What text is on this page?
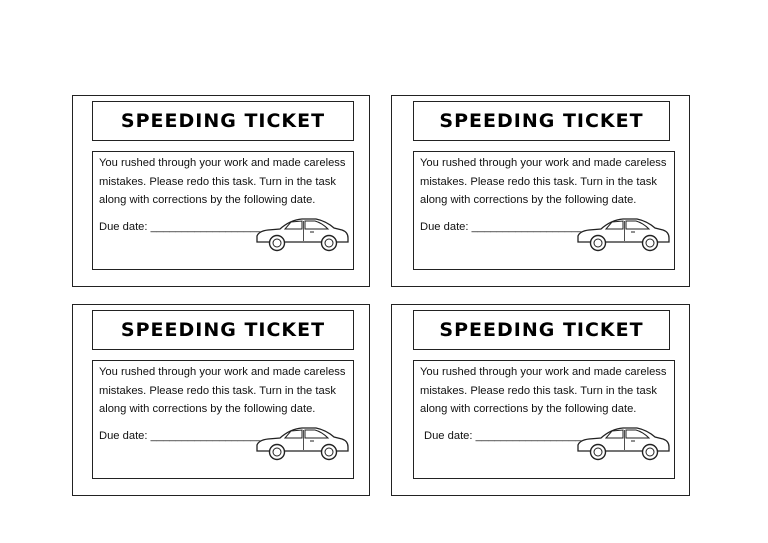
SPEEDING TICKET
You rushed through your work and made careless mistakes. Please redo this task. Turn in the task along with corrections by the following date.
Due date: __________________
SPEEDING TICKET
You rushed through your work and made careless mistakes. Please redo this task. Turn in the task along with corrections by the following date.
Due date: __________________
SPEEDING TICKET
You rushed through your work and made careless mistakes. Please redo this task. Turn in the task along with corrections by the following date.
Due date: __________________
SPEEDING TICKET
You rushed through your work and made careless mistakes. Please redo this task. Turn in the task along with corrections by the following date.
Due date: __________________
